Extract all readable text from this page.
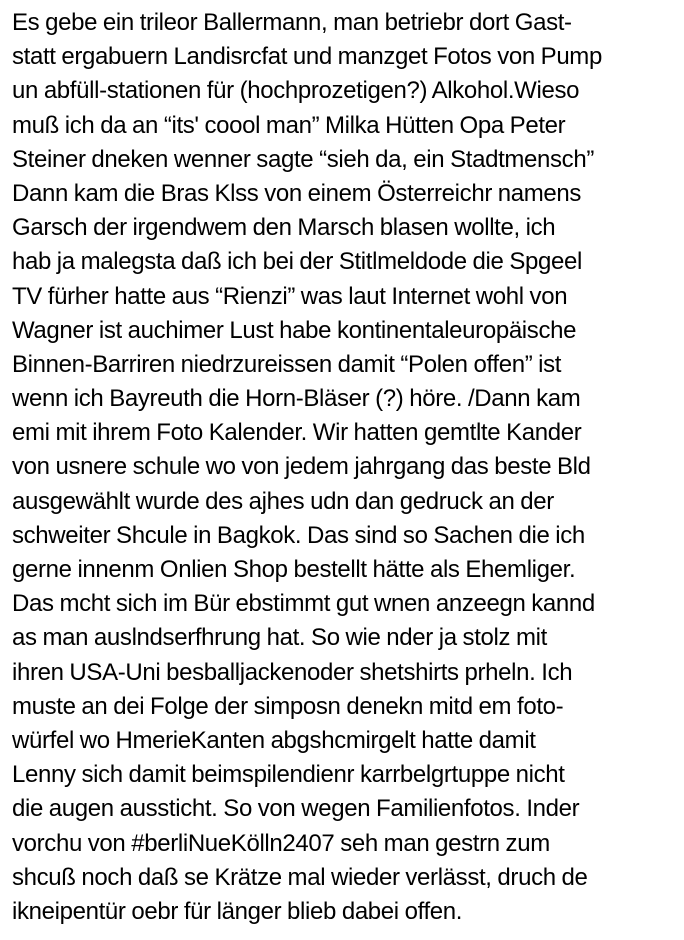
Es gebe ein trileor Ballermann, man betriebr dort Gast-
statt ergabuern Landisrcfat und manzget Fotos von Pump
un abfüll-stationen für (hochprozetigen?) Alkohol.Wieso
muß ich da an “its' coool man” Milka Hütten Opa Peter
Steiner dneken wenner sagte “sieh da, ein Stadtmensch”
Dann kam die Bras Klss von einem Österreichr namens
Garsch der irgendwem den Marsch blasen wollte, ich
hab ja malegsta daß ich bei der Stitlmeldode die Spgeel
TV fürher hatte aus “Rienzi” was laut Internet wohl von
Wagner ist auchimer Lust habe kontinentaleuropäische
Binnen-Barriren niedrzureissen damit “Polen offen” ist
wenn ich Bayreuth die Horn-Bläser (?) höre. /Dann kam
emi mit ihrem Foto Kalender. Wir hatten gemtlte Kander
von usnere schule wo von jedem jahrgang das beste Bld
ausgewählt wurde des ajhes udn dan gedruck an der
schweiter Shcule in Bagkok. Das sind so Sachen die ich
gerne innenm Onlien Shop bestellt hätte als Ehemliger.
Das mcht sich im Bür ebstimmt gut wnen anzeegn kannd
as man auslndserfhrung hat. So wie nder ja stolz mit
ihren USA-Uni besballjackenoder shetshirts prheln. Ich
muste an dei Folge der simposn denekn mitd em foto-
würfel wo HmerieKanten abgshcmirgelt hatte damit
Lenny sich damit beimspilendienr karrbelgrtuppe nicht
die augen aussticht. So von wegen Familienfotos. Inder
vorchu von #berliNueKölln2407 seh man gestrn zum
shcuß noch daß se Krätze mal wieder verlässt, druch de
ikneipentür oebr für länger blieb dabei offen.
